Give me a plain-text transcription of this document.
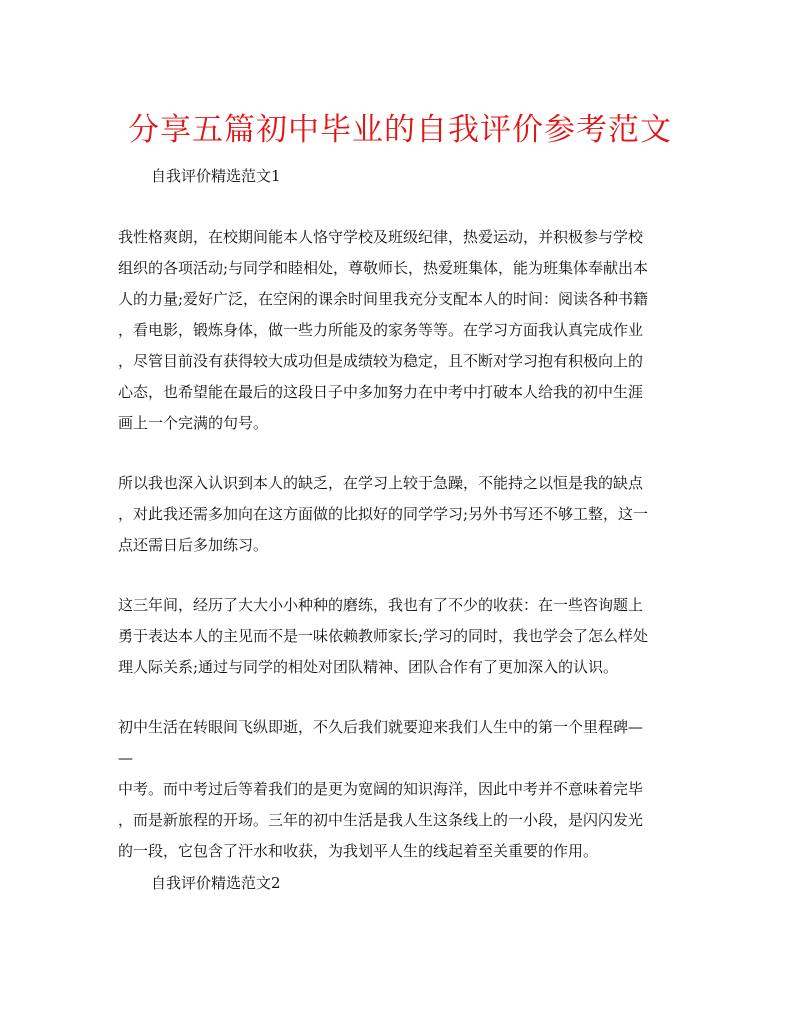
分享五篇初中毕业的自我评价参考范文

自我评价精选范文1

我性格爽朗，在校期间能本人恪守学校及班级纪律，热爱运动，并积极参与学校
组织的各项活动;与同学和睦相处，尊敬师长，热爱班集体，能为班集体奉献出本
人的力量;爱好广泛，在空闲的课余时间里我充分支配本人的时间：阅读各种书籍
，看电影，锻炼身体，做一些力所能及的家务等等。在学习方面我认真完成作业
，尽管目前没有获得较大成功但是成绩较为稳定，且不断对学习抱有积极向上的
心态，也希望能在最后的这段日子中多加努力在中考中打破本人给我的初中生涯
画上一个完满的句号。
所以我也深入认识到本人的缺乏，在学习上较于急躁，不能持之以恒是我的缺点
，对此我还需多加向在这方面做的比拟好的同学学习;另外书写还不够工整，这一
点还需日后多加练习。
这三年间，经历了大大小小种种的磨练，我也有了不少的收获：在一些咨询题上
勇于表达本人的主见而不是一味依赖教师家长;学习的同时，我也学会了怎么样处
理人际关系;通过与同学的相处对团队精神、团队合作有了更加深入的认识。
初中生活在转眼间飞纵即逝，不久后我们就要迎来我们人生中的第一个里程碑—
—
中考。而中考过后等着我们的是更为宽阔的知识海洋，因此中考并不意味着完毕
，而是新旅程的开场。三年的初中生活是我人生这条线上的一小段，是闪闪发光
的一段，它包含了汗水和收获，为我划平人生的线起着至关重要的作用。

自我评价精选范文2
